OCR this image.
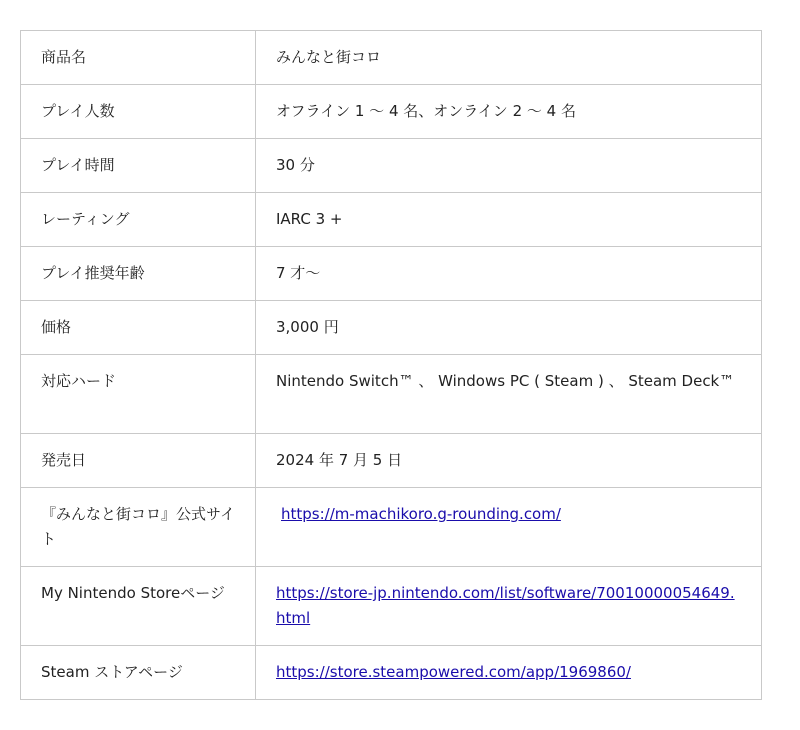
商品名	みんなと街コロ
プレイ人数	オフライン 1 ～ 4 名、オンライン 2 ～ 4 名
プレイ時間	30 分
レーティング	IARC 3 +
プレイ推奨年齢	7 才～
価格	3,000 円
対応ハード	Nintendo Switch™ 、 Windows PC ( Steam ) 、 Steam Deck™
発売日	2024 年 7 月 5 日
『みんなと街コロ』公式サイト	https://m-machikoro.g-rounding.com/
My Nintendo Storeページ	https://store-jp.nintendo.com/list/software/70010000054649.html
Steam ストアページ	https://store.steampowered.com/app/1969860/
